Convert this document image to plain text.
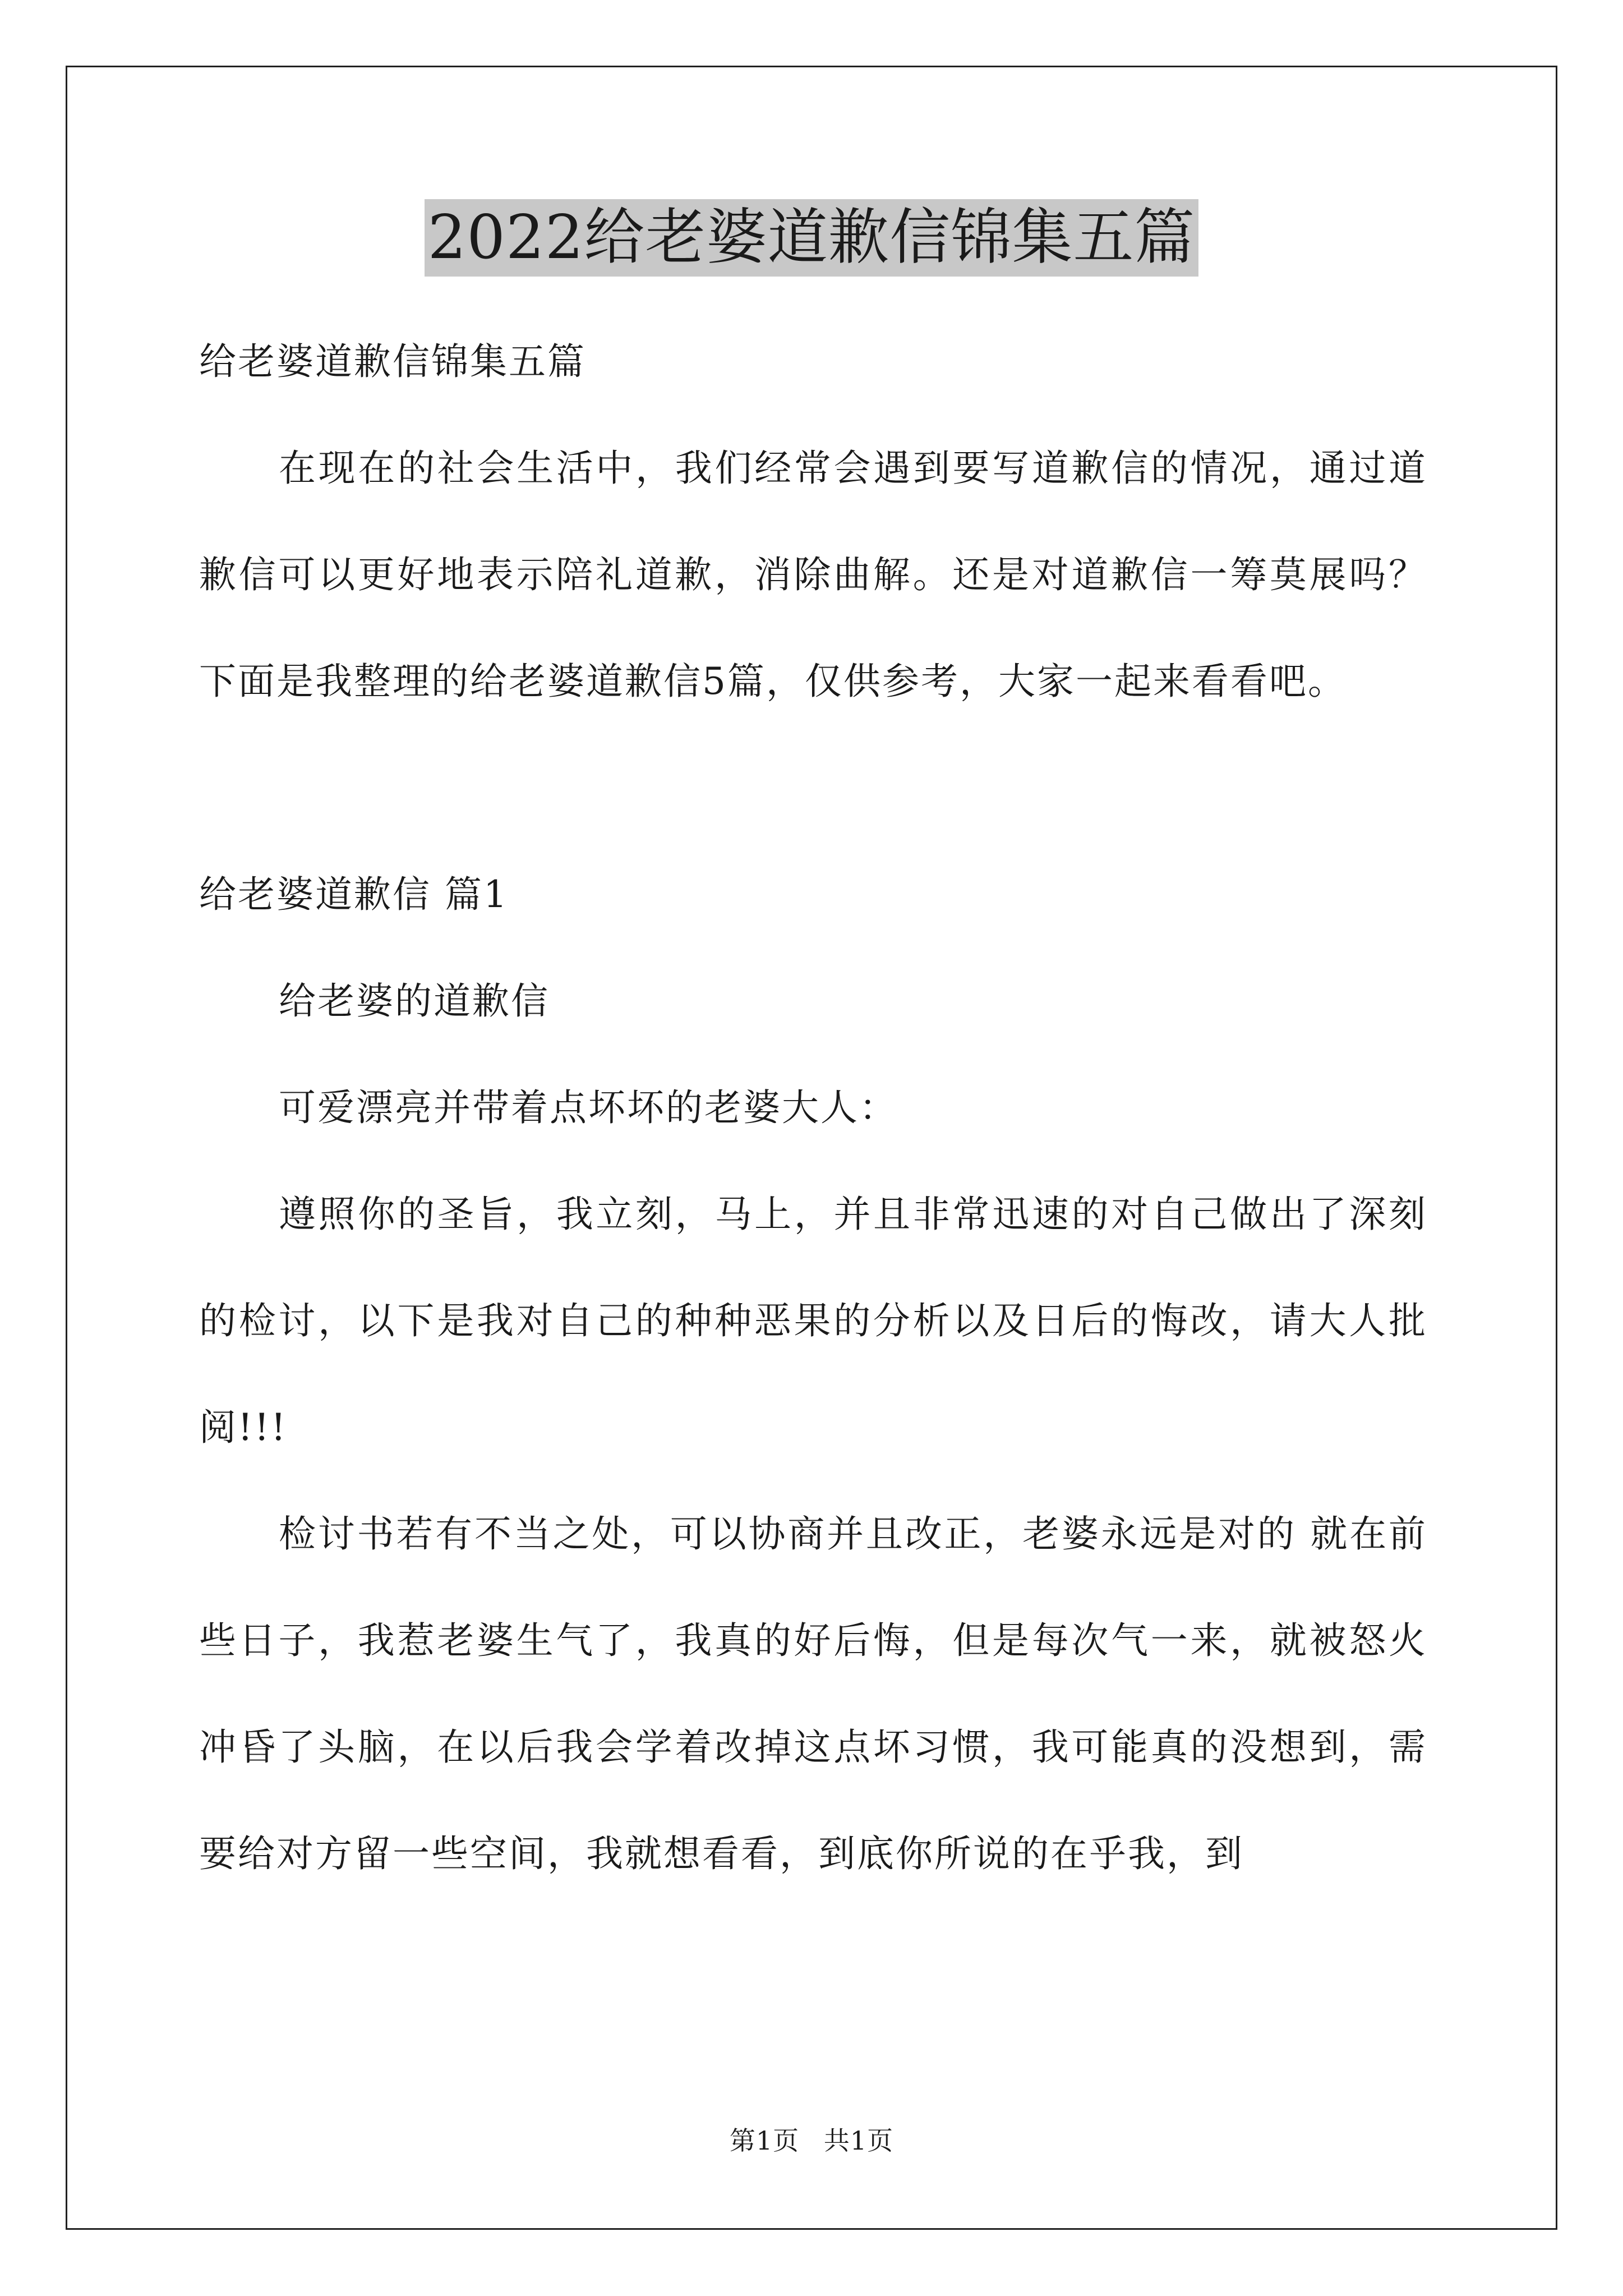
2022给老婆道歉信锦集五篇

给老婆道歉信锦集五篇

在现在的社会生活中，我们经常会遇到要写道歉信的情况，通过道歉信可以更好地表示陪礼道歉，消除曲解。还是对道歉信一筹莫展吗？下面是我整理的给老婆道歉信5篇，仅供参考，大家一起来看看吧。

给老婆道歉信 篇1

给老婆的道歉信

可爱漂亮并带着点坏坏的老婆大人：

遵照你的圣旨，我立刻，马上，并且非常迅速的对自己做出了深刻的检讨，以下是我对自己的种种恶果的分析以及日后的悔改，请大人批阅!!!

检讨书若有不当之处，可以协商并且改正，老婆永远是对的 就在前些日子，我惹老婆生气了，我真的好后悔，但是每次气一来，就被怒火冲昏了头脑，在以后我会学着改掉这点坏习惯，我可能真的没想到，需要给对方留一些空间，我就想看看，到底你所说的在乎我，到

第1页 共1页
